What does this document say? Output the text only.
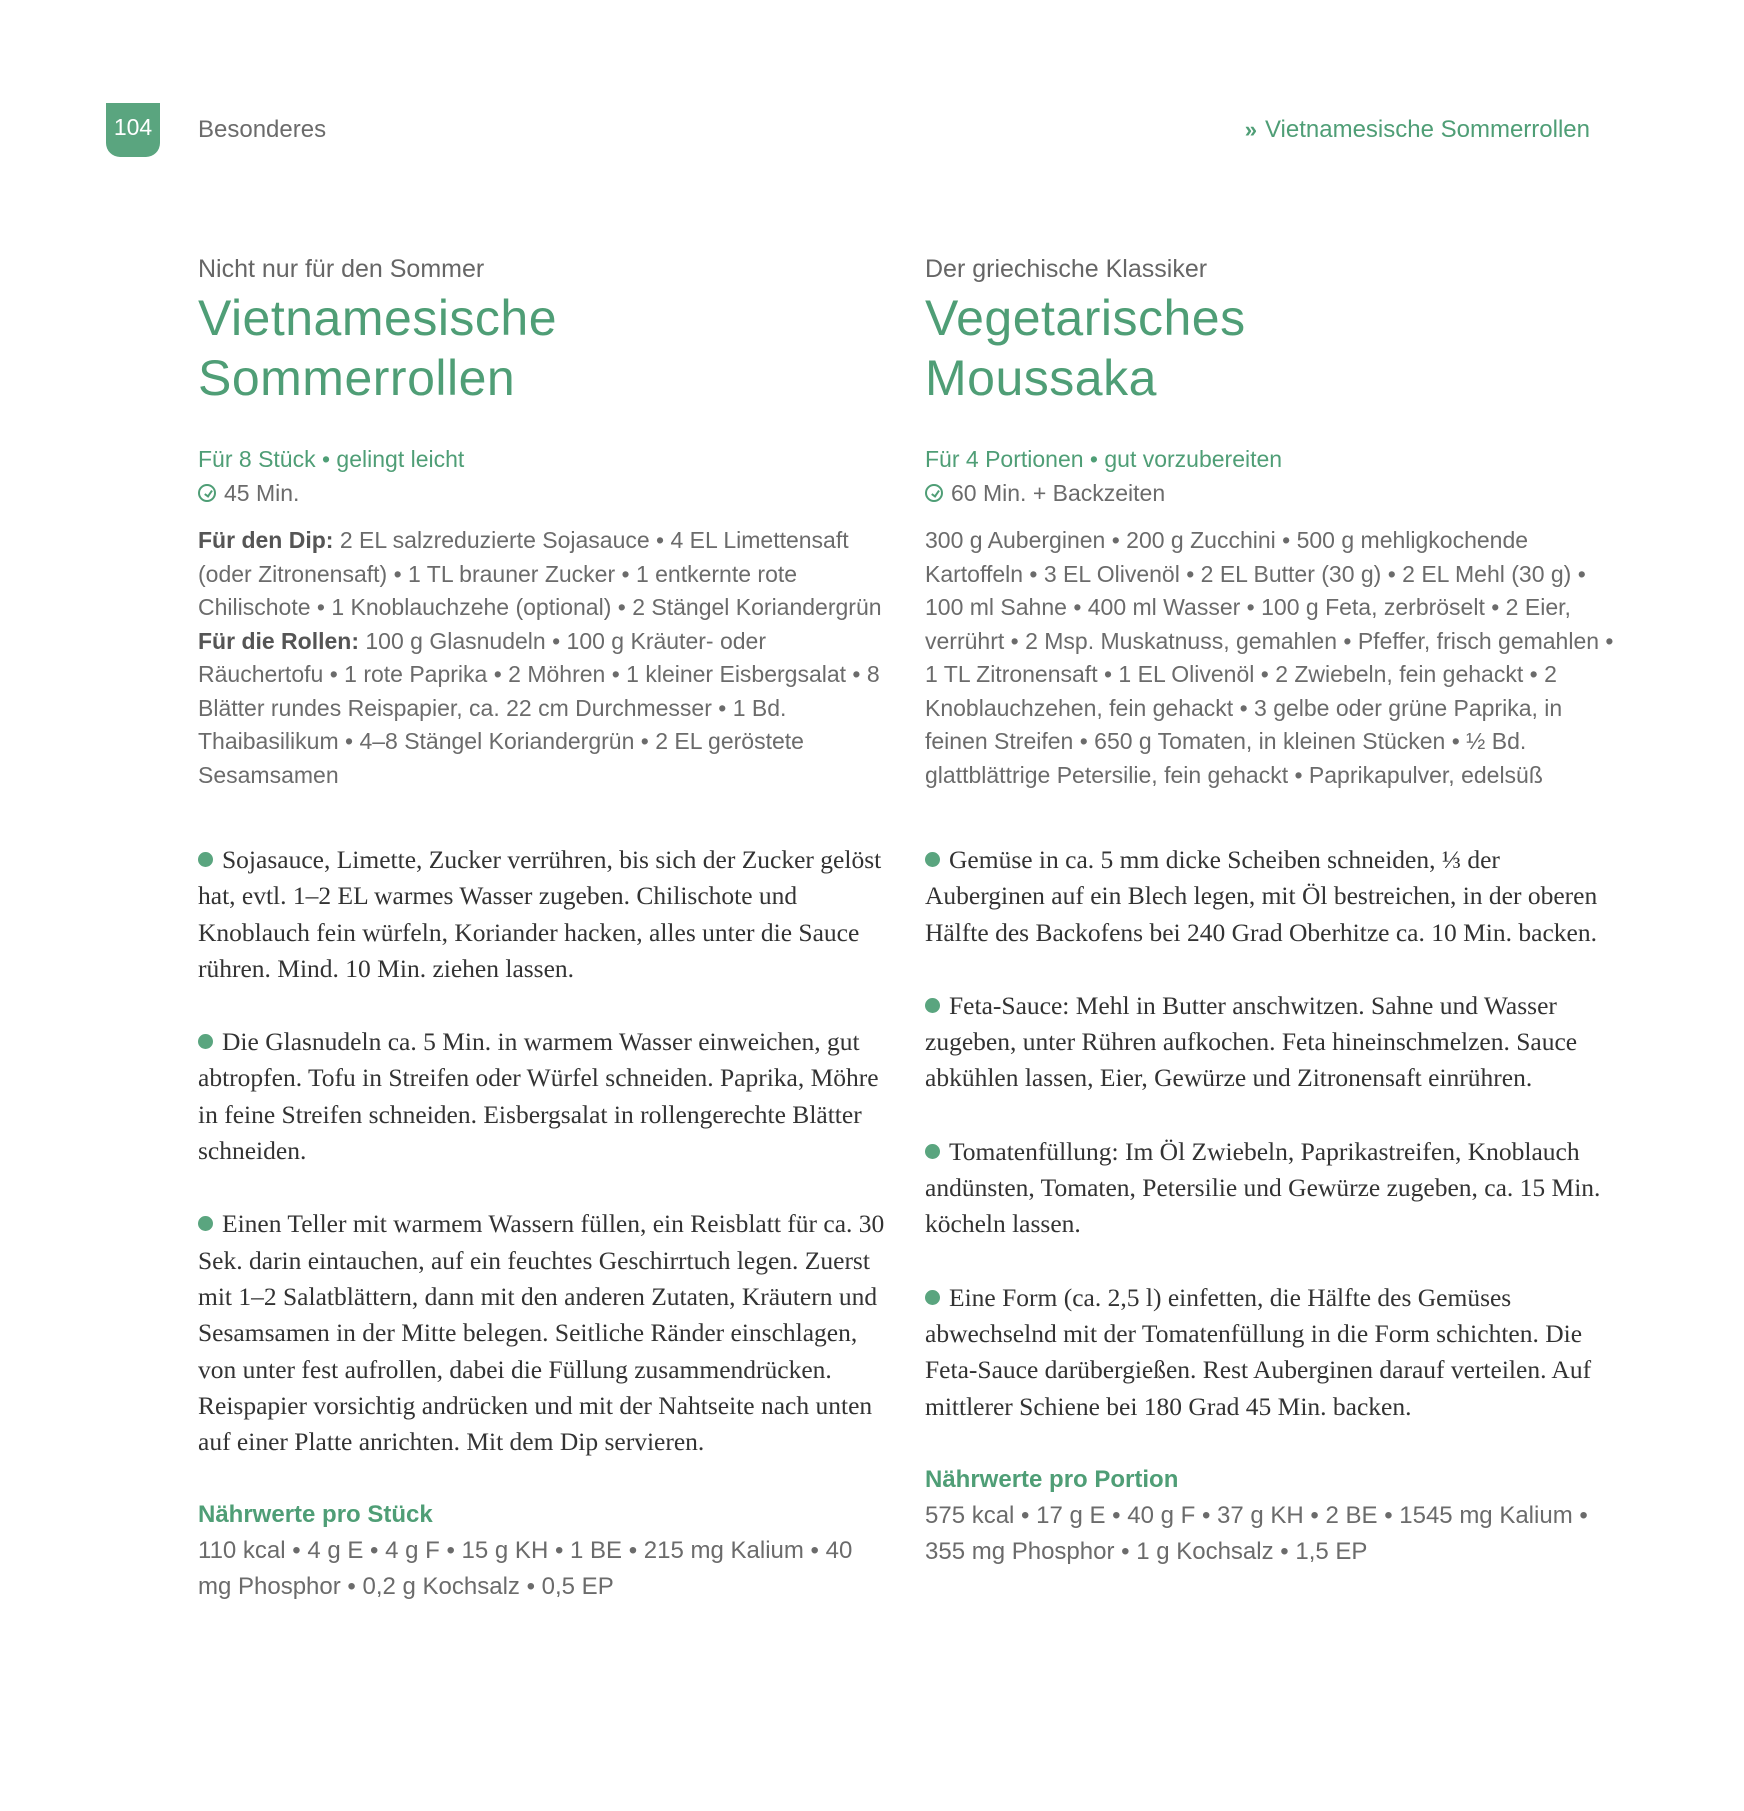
104	Besonderes	» Vietnamesische Sommerrollen
Nicht nur für den Sommer
Vietnamesische
Sommerrollen
Für 8 Stück • gelingt leicht
45 Min.
Für den Dip: 2 EL salzreduzierte Sojasauce • 4 EL Limettensaft (oder Zitronensaft) • 1 TL brauner Zucker • 1 entkernte rote Chilischote • 1 Knoblauchzehe (optional) • 2 Stängel Koriandergrün
Für die Rollen: 100 g Glasnudeln • 100 g Kräuter- oder Räuchertofu • 1 rote Paprika • 2 Möhren • 1 kleiner Eisbergsalat • 8 Blätter rundes Reispapier, ca. 22 cm Durchmesser • 1 Bd. Thaibasilikum • 4–8 Stängel Koriandergrün • 2 EL geröstete Sesamsamen

Sojasauce, Limette, Zucker verrühren, bis sich der Zucker gelöst hat, evtl. 1–2 EL warmes Wasser zugeben. Chilischote und Knoblauch fein würfeln, Koriander hacken, alles unter die Sauce rühren. Mind. 10 Min. ziehen lassen.

Die Glasnudeln ca. 5 Min. in warmem Wasser einweichen, gut abtropfen. Tofu in Streifen oder Würfel schneiden. Paprika, Möhre in feine Streifen schneiden. Eisbergsalat in rollengerechte Blätter schneiden.

Einen Teller mit warmem Wassern füllen, ein Reisblatt für ca. 30 Sek. darin eintauchen, auf ein feuchtes Geschirrtuch legen. Zuerst mit 1–2 Salatblättern, dann mit den anderen Zutaten, Kräutern und Sesamsamen in der Mitte belegen. Seitliche Ränder einschlagen, von unter fest aufrollen, dabei die Füllung zusammendrücken. Reispapier vorsichtig andrücken und mit der Nahtseite nach unten auf einer Platte anrichten. Mit dem Dip servieren.

Nährwerte pro Stück
110 kcal • 4 g E • 4 g F • 15 g KH • 1 BE • 215 mg Kalium • 40 mg Phosphor • 0,2 g Kochsalz • 0,5 EP
Der griechische Klassiker
Vegetarisches
Moussaka
Für 4 Portionen • gut vorzubereiten
60 Min. + Backzeiten
300 g Auberginen • 200 g Zucchini • 500 g mehligkochende Kartoffeln • 3 EL Olivenöl • 2 EL Butter (30 g) • 2 EL Mehl (30 g) • 100 ml Sahne • 400 ml Wasser • 100 g Feta, zerbröselt • 2 Eier, verrührt • 2 Msp. Muskatnuss, gemahlen • Pfeffer, frisch gemahlen • 1 TL Zitronensaft • 1 EL Olivenöl • 2 Zwiebeln, fein gehackt • 2 Knoblauchzehen, fein gehackt • 3 gelbe oder grüne Paprika, in feinen Streifen • 650 g Tomaten, in kleinen Stücken • ½ Bd. glattblättrige Petersilie, fein gehackt • Paprikapulver, edelsüß

Gemüse in ca. 5 mm dicke Scheiben schneiden, ⅓ der Auberginen auf ein Blech legen, mit Öl bestreichen, in der oberen Hälfte des Backofens bei 240 Grad Oberhitze ca. 10 Min. backen.

Feta-Sauce: Mehl in Butter anschwitzen. Sahne und Wasser zugeben, unter Rühren aufkochen. Feta hineinschmelzen. Sauce abkühlen lassen, Eier, Gewürze und Zitronensaft einrühren.

Tomatenfüllung: Im Öl Zwiebeln, Paprikastreifen, Knoblauch andünsten, Tomaten, Petersilie und Gewürze zugeben, ca. 15 Min. köcheln lassen.

Eine Form (ca. 2,5 l) einfetten, die Hälfte des Gemüses abwechselnd mit der Tomatenfüllung in die Form schichten. Die Feta-Sauce darübergießen. Rest Auberginen darauf verteilen. Auf mittlerer Schiene bei 180 Grad 45 Min. backen.

Nährwerte pro Portion
575 kcal • 17 g E • 40 g F • 37 g KH • 2 BE • 1545 mg Kalium • 355 mg Phosphor • 1 g Kochsalz • 1,5 EP
